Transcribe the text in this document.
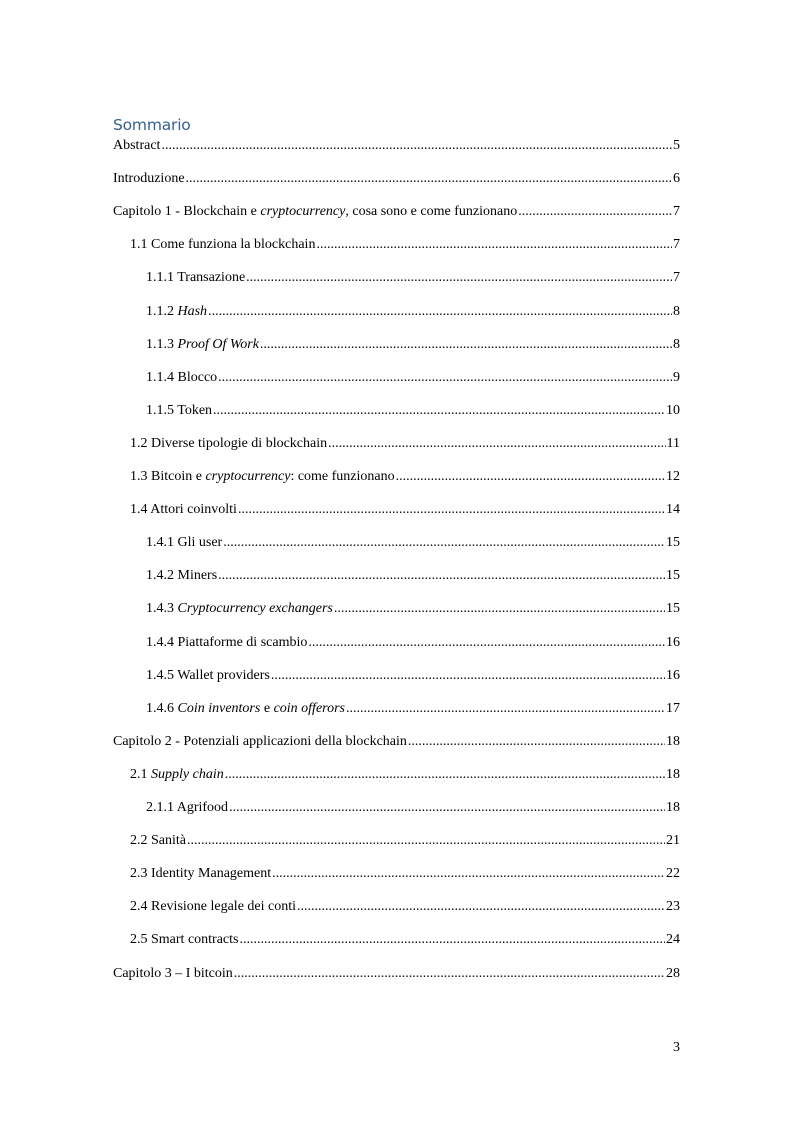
Sommario
Abstract .....	5
Introduzione .....	6
Capitolo 1 - Blockchain e cryptocurrency, cosa sono e come funzionano .....	7
1.1 Come funziona la blockchain .....	7
1.1.1 Transazione .....	7
1.1.2 Hash .....	8
1.1.3 Proof Of Work .....	8
1.1.4 Blocco .....	9
1.1.5 Token .....	10
1.2 Diverse tipologie di blockchain .....	11
1.3 Bitcoin e cryptocurrency: come funzionano .....	12
1.4 Attori coinvolti .....	14
1.4.1 Gli user .....	15
1.4.2 Miners .....	15
1.4.3 Cryptocurrency exchangers .....	15
1.4.4 Piattaforme di scambio .....	16
1.4.5 Wallet providers .....	16
1.4.6 Coin inventors e coin offerors .....	17
Capitolo 2 - Potenziali applicazioni della blockchain .....	18
2.1 Supply chain .....	18
2.1.1 Agrifood .....	18
2.2 Sanità .....	21
2.3 Identity Management .....	22
2.4 Revisione legale dei conti .....	23
2.5 Smart contracts .....	24
Capitolo 3 – I bitcoin .....	28
3
